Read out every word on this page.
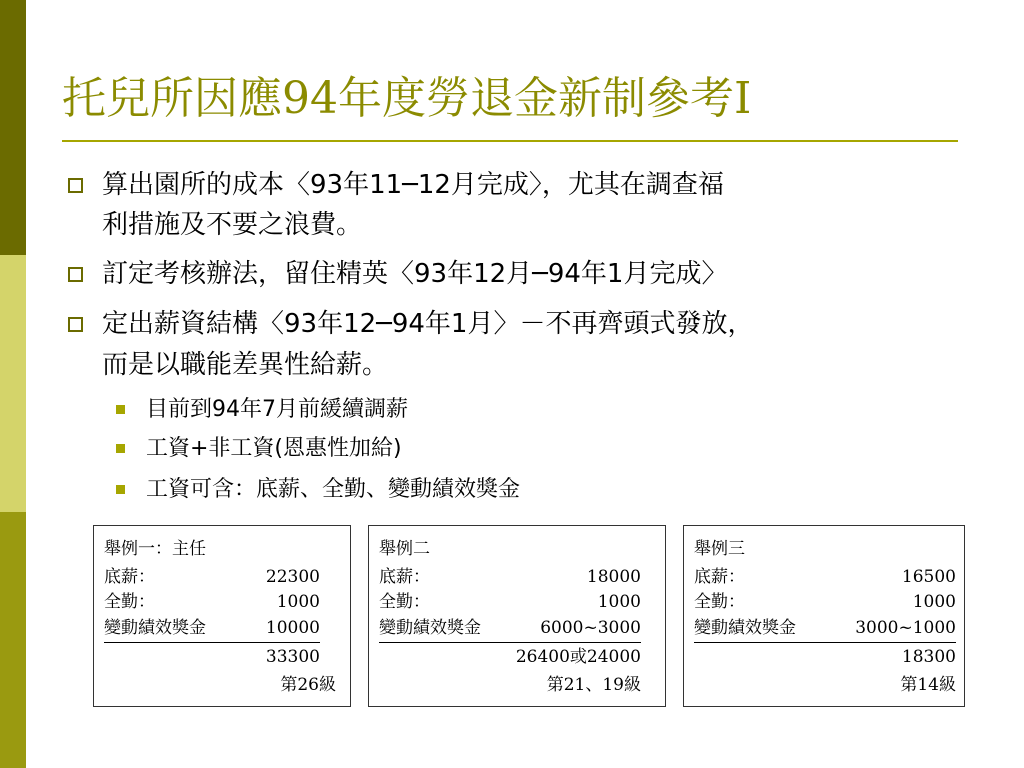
托兒所因應94年度勞退金新制參考I
算出園所的成本〈93年11─12月完成〉，尤其在調查福
利措施及不要之浪費。
訂定考核辦法，留住精英〈93年12月─94年1月完成〉
定出薪資結構〈93年12─94年1月〉－不再齊頭式發放，
而是以職能差異性給薪。
目前到94年7月前緩續調薪
工資+非工資(恩惠性加給)
工資可含：底薪、全勤、變動績效獎金
舉例一：主任
底薪：	22300
全勤：	1000
變動績效獎金	10000
33300
第26級
舉例二
底薪：	18000
全勤：	1000
變動績效獎金	6000~3000
26400或24000
第21、19級
舉例三
底薪：	16500
全勤：	1000
變動績效獎金	3000~1000
18300
第14級
